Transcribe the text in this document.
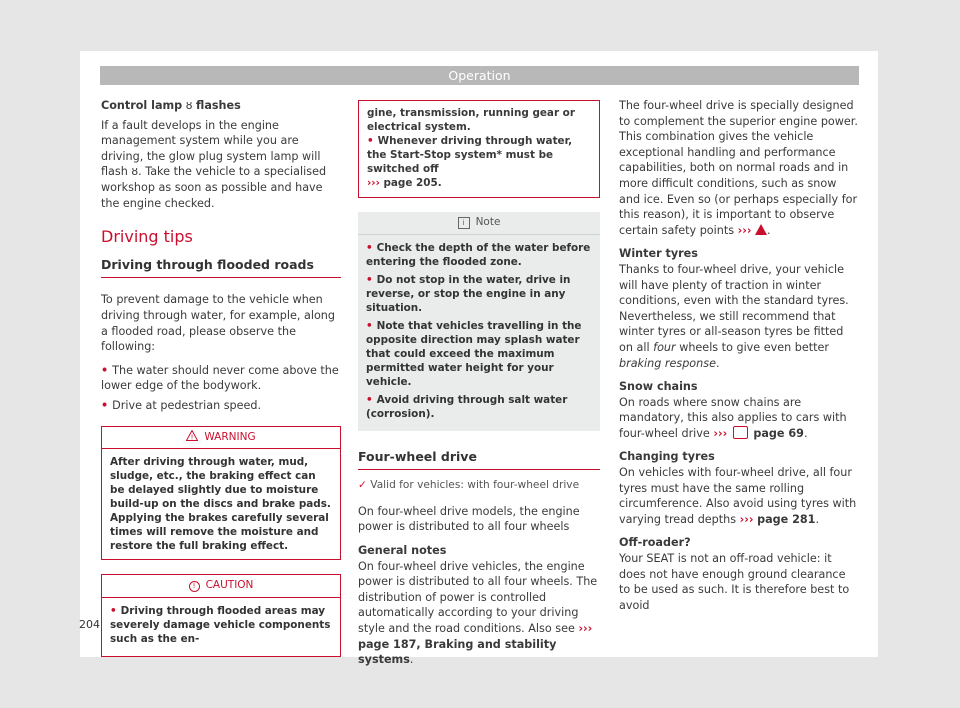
Operation

Control lamp ȣ flashes

If a fault develops in the engine management system while you are driving, the glow plug system lamp will flash ȣ. Take the vehicle to a specialised workshop as soon as possible and have the engine checked.

Driving tips
Driving through flooded roads

To prevent damage to the vehicle when driving through water, for example, along a flooded road, please observe the following:

• The water should never come above the lower edge of the bodywork.
• Drive at pedestrian speed.
! WARNING
After driving through water, mud, sludge, etc., the braking effect can be delayed slightly due to moisture build-up on the discs and brake pads. Applying the brakes carefully several times will remove the moisture and restore the full braking effect.
! CAUTION
• Driving through flooded areas may severely damage vehicle components such as the en-
gine, transmission, running gear or electrical system.
• Whenever driving through water, the Start-Stop system* must be switched off
››› page 205.
i Note
• Check the depth of the water before entering the flooded zone.
• Do not stop in the water, drive in reverse, or stop the engine in any situation.
• Note that vehicles travelling in the opposite direction may splash water that could exceed the maximum permitted water height for your vehicle.
• Avoid driving through salt water (corrosion).
Four-wheel drive
✓ Valid for vehicles: with four-wheel drive

On four-wheel drive models, the engine power is distributed to all four wheels

General notes

On four-wheel drive vehicles, the engine power is distributed to all four wheels. The distribution of power is controlled automatically according to your driving style and the road conditions. Also see ››› page 187, Braking and stability systems.

The four-wheel drive is specially designed to complement the superior engine power. This combination gives the vehicle exceptional handling and performance capabilities, both on normal roads and in more difficult conditions, such as snow and ice. Even so (or perhaps especially for this reason), it is important to observe certain safety points ››› .

Winter tyres

Thanks to four-wheel drive, your vehicle will have plenty of traction in winter conditions, even with the standard tyres. Nevertheless, we still recommend that winter tyres or all-season tyres be fitted on all four wheels to give even better braking response.

Snow chains

On roads where snow chains are mandatory, this also applies to cars with four-wheel drive ››› page 69.

Changing tyres

On vehicles with four-wheel drive, all four tyres must have the same rolling circumference. Also avoid using tyres with varying tread depths ››› page 281.

Off-roader?

Your SEAT is not an off-road vehicle: it does not have enough ground clearance to be used as such. It is therefore best to avoid

204
